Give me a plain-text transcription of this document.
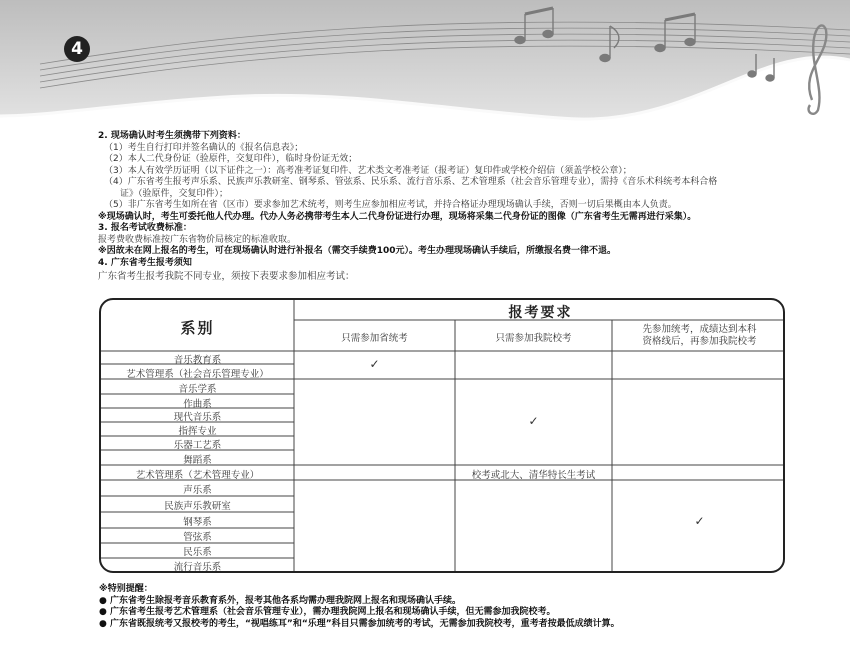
4

2. 现场确认时考生须携带下列资料：

（1）考生自行打印并签名确认的《报名信息表》；

（2）本人二代身份证（验原件，交复印件），临时身份证无效；

（3）本人有效学历证明（以下证件之一）：高考准考证复印件、艺术类文考准考证（报考证）复印件或学校介绍信（须盖学校公章）；

（4）广东省考生报考声乐系、民族声乐教研室、钢琴系、管弦系、民乐系、流行音乐系、艺术管理系（社会音乐管理专业），需持《音乐术科统考本科合格

证》（验原件，交复印件）；

（5）非广东省考生如所在省（区市）要求参加艺术统考，则考生应参加相应考试，并持合格证办理现场确认手续，否则一切后果概由本人负责。

※现场确认时，考生可委托他人代办理。代办人务必携带考生本人二代身份证进行办理，现场将采集二代身份证的图像（广东省考生无需再进行采集）。

3. 报名考试收费标准：

报考费收费标准按广东省物价局核定的标准收取。

※因故未在网上报名的考生，可在现场确认时进行补报名（需交手续费100元）。考生办理现场确认手续后，所缴报名费一律不退。

4. 广东省考生报考须知

广东省考生报考我院不同专业，须按下表要求参加相应考试：

系别
报考要求
只需参加省统考	只需参加我院校考
先参加统考，成绩达到本科
资格线后，再参加我院校考
音乐教育系
艺术管理系（社会音乐管理专业）
音乐学系
作曲系
现代音乐系
指挥专业
乐器工艺系
舞蹈系
艺术管理系（艺术管理专业）
声乐系
民族声乐教研室
钢琴系
管弦系
民乐系
流行音乐系
✓
✓
校考或北大、清华特长生考试
✓

※特别提醒：

● 广东省考生除报考音乐教育系外，报考其他各系均需办理我院网上报名和现场确认手续。

● 广东省考生报考艺术管理系（社会音乐管理专业），需办理我院网上报名和现场确认手续，但无需参加我院校考。

● 广东省既报统考又报校考的考生，“视唱练耳”和“乐理”科目只需参加统考的考试，无需参加我院校考，重考者按最低成绩计算。
